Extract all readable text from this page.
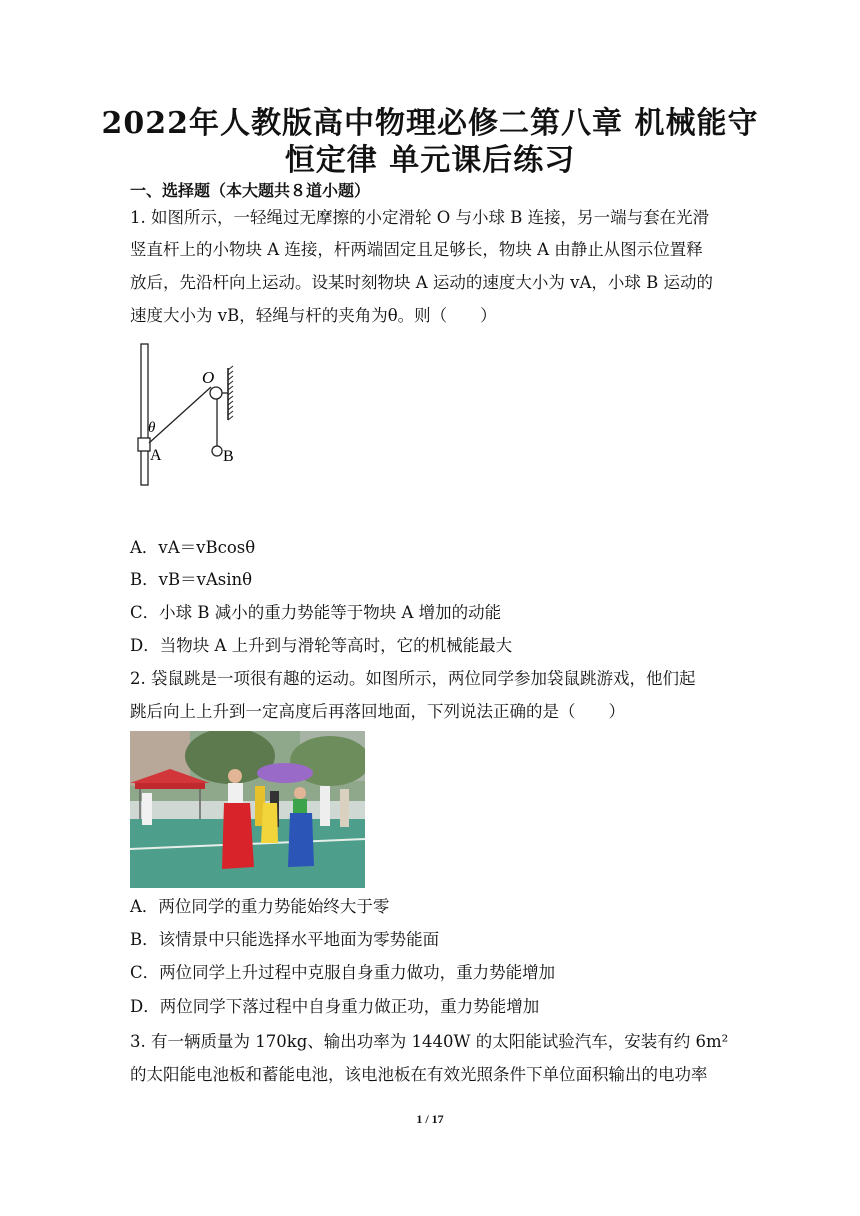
2022年人教版高中物理必修二第八章 机械能守
恒定律 单元课后练习
一、选择题（本大题共８道小题）
1. 如图所示，一轻绳过无摩擦的小定滑轮 O 与小球 B 连接，另一端与套在光滑
竖直杆上的小物块 A 连接，杆两端固定且足够长，物块 A 由静止从图示位置释
放后，先沿杆向上运动。设某时刻物块 A 运动的速度大小为 vA，小球 B 运动的
速度大小为 vB，轻绳与杆的夹角为θ。则（　　）
O
θ
A	B
A．vA＝vBcosθ
B．vB＝vAsinθ
C．小球 B 减小的重力势能等于物块 A 增加的动能
D．当物块 A 上升到与滑轮等高时，它的机械能最大
2. 袋鼠跳是一项很有趣的运动。如图所示，两位同学参加袋鼠跳游戏，他们起
跳后向上上升到一定高度后再落回地面，下列说法正确的是（　　）
A．两位同学的重力势能始终大于零
B．该情景中只能选择水平地面为零势能面
C．两位同学上升过程中克服自身重力做功，重力势能增加
D．两位同学下落过程中自身重力做正功，重力势能增加
3. 有一辆质量为 170kg、输出功率为 1440W 的太阳能试验汽车，安装有约 6m²
的太阳能电池板和蓄能电池，该电池板在有效光照条件下单位面积输出的电功率
1 / 17
